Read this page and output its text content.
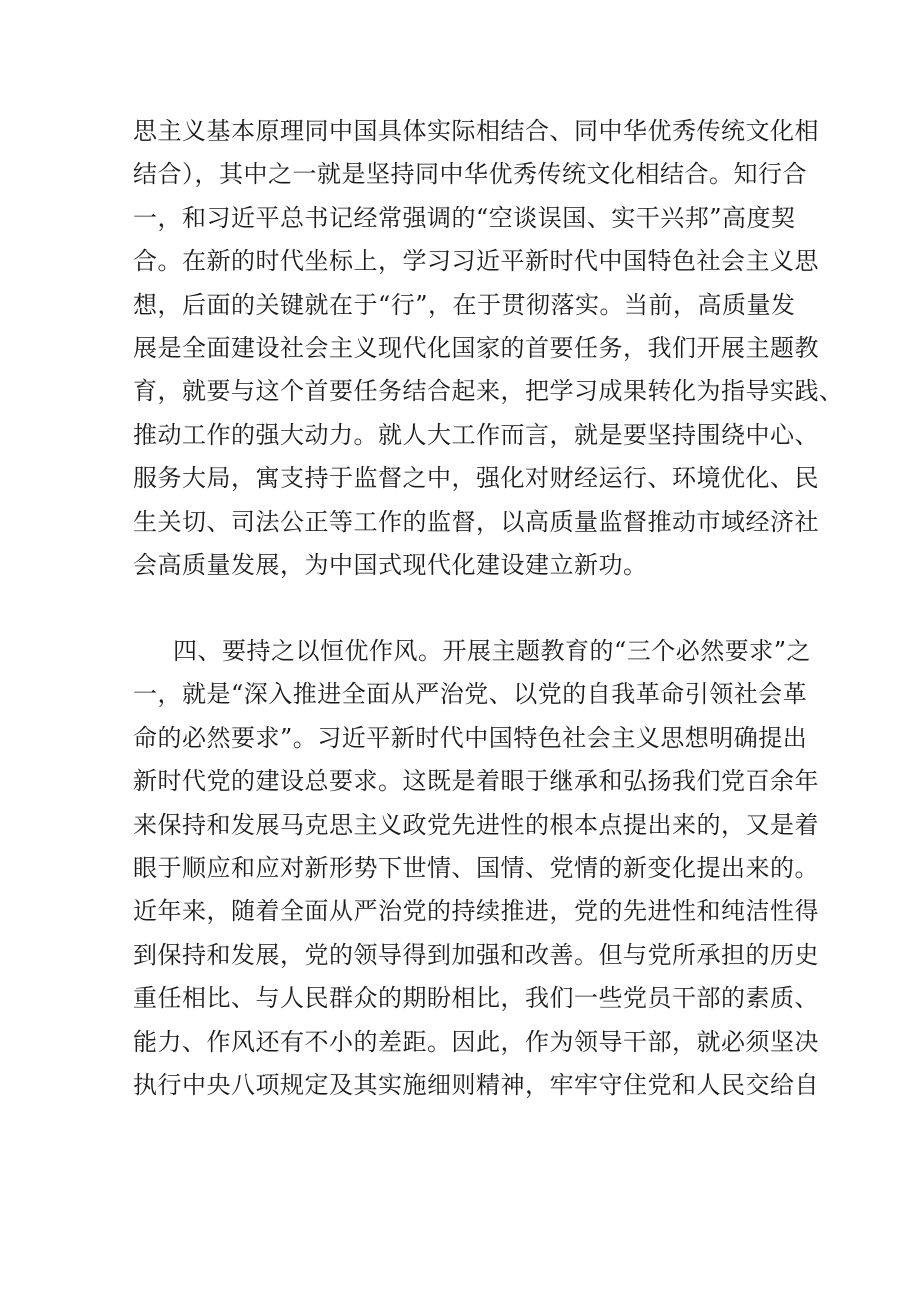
思主义基本原理同中国具体实际相结合、同中华优秀传统文化相
结合），其中之一就是坚持同中华优秀传统文化相结合。知行合
一，和习近平总书记经常强调的“空谈误国、实干兴邦”高度契
合。在新的时代坐标上，学习习近平新时代中国特色社会主义思
想，后面的关键就在于“行”，在于贯彻落实。当前，高质量发
展是全面建设社会主义现代化国家的首要任务，我们开展主题教
育，就要与这个首要任务结合起来，把学习成果转化为指导实践、
推动工作的强大动力。就人大工作而言，就是要坚持围绕中心、
服务大局，寓支持于监督之中，强化对财经运行、环境优化、民
生关切、司法公正等工作的监督，以高质量监督推动市域经济社
会高质量发展，为中国式现代化建设建立新功。
四、要持之以恒优作风。开展主题教育的“三个必然要求”之
一，就是“深入推进全面从严治党、以党的自我革命引领社会革
命的必然要求”。习近平新时代中国特色社会主义思想明确提出
新时代党的建设总要求。这既是着眼于继承和弘扬我们党百余年
来保持和发展马克思主义政党先进性的根本点提出来的，又是着
眼于顺应和应对新形势下世情、国情、党情的新变化提出来的。
近年来，随着全面从严治党的持续推进，党的先进性和纯洁性得
到保持和发展，党的领导得到加强和改善。但与党所承担的历史
重任相比、与人民群众的期盼相比，我们一些党员干部的素质、
能力、作风还有不小的差距。因此，作为领导干部，就必须坚决
执行中央八项规定及其实施细则精神，牢牢守住党和人民交给自
